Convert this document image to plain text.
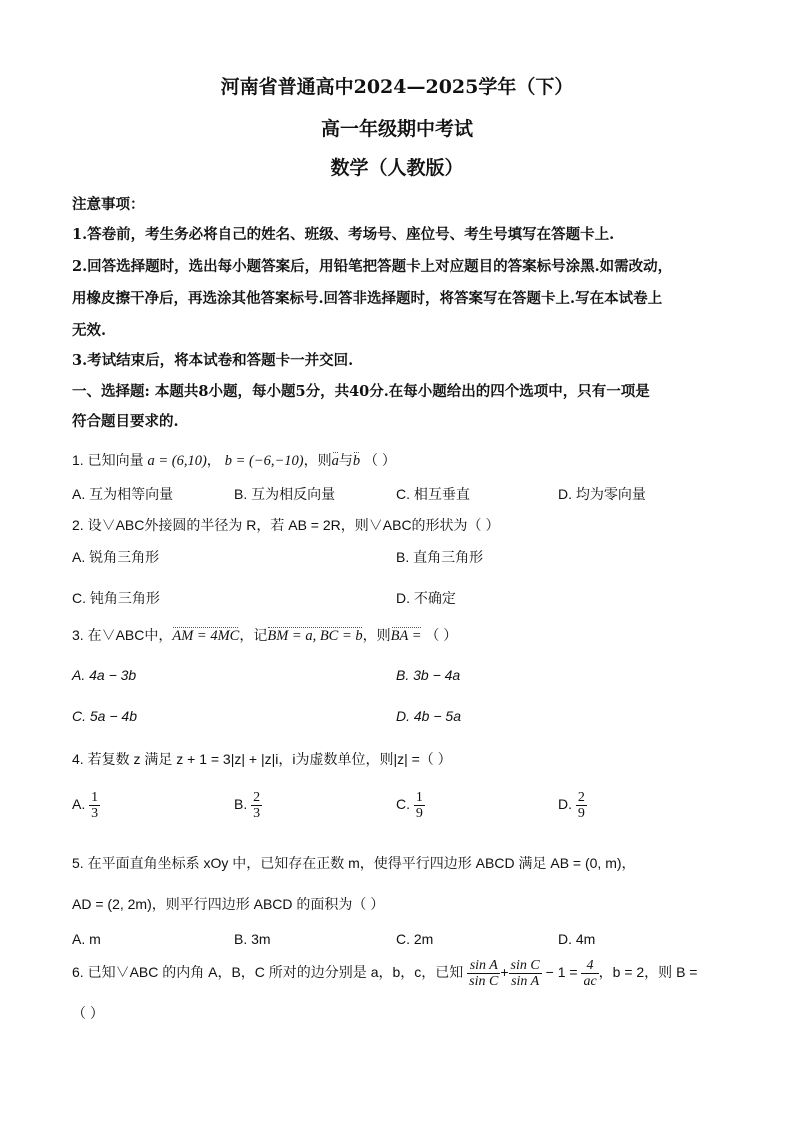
河南省普通高中2024—2025学年（下）
高一年级期中考试
数学（人教版）
注意事项：
1.答卷前，考生务必将自己的姓名、班级、考场号、座位号、考生号填写在答题卡上.
2.回答选择题时，选出每小题答案后，用铅笔把答题卡上对应题目的答案标号涂黑.如需改动，
用橡皮擦干净后，再选涂其他答案标号.回答非选择题时，将答案写在答题卡上.写在本试卷上
无效.
3.考试结束后，将本试卷和答题卡一并交回.
一、选择题: 本题共8小题，每小题5分，共40分.在每小题给出的四个选项中，只有一项是
符合题目要求的.
1. 已知向量 a = (6,10)， b = (−6,−10)，则a与b （ ）
A. 互为相等向量	B. 互为相反向量	C. 相互垂直	D. 均为零向量
2. 设∨ABC外接圆的半径为 R，若 AB = 2R，则∨ABC的形状为（ ）
A. 锐角三角形	B. 直角三角形
C. 钝角三角形	D. 不确定
3. 在∨ABC中，AM = 4MC，记BM = a, BC = b，则BA = （ ）
A. 4a − 3b	B. 3b − 4a
C. 5a − 4b	D. 4b − 5a
4. 若复数 z 满足 z + 1 = 3|z| + |z|i，i为虚数单位，则|z| =（ ）
A. $\frac{1}{3}$	B. $\frac{2}{3}$	C. $\frac{1}{9}$	D. $\frac{2}{9}$
5. 在平面直角坐标系 xOy 中，已知存在正数 m，使得平行四边形 ABCD 满足 AB = (0, m)，
AD = (2, 2m)，则平行四边形 ABCD 的面积为（ ）
A. m	B. 3m	C. 2m	D. 4m
6. 已知∨ABC 的内角 A，B，C 所对的边分别是 a，b，c，已知 $\frac{\text{sin A}}{\text{sin C}} + \frac{\text{sin C}}{\text{sin A}} - 1 = \frac{4}{ac}$ ，b = 2，则 B =
（ ）
